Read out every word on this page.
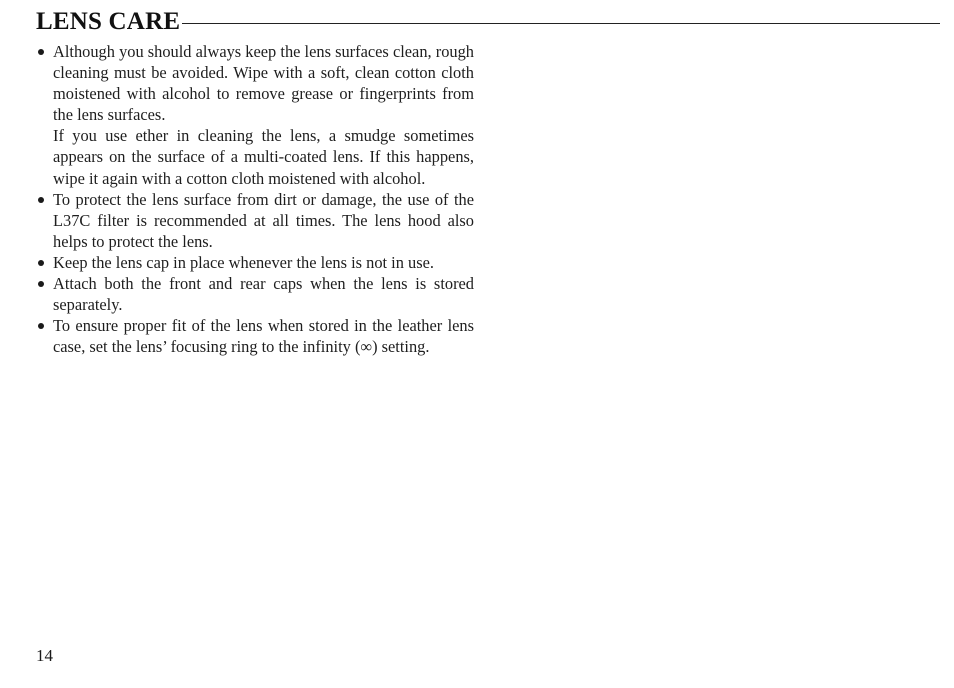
LENS CARE

Although you should always keep the lens surfaces clean, rough cleaning must be avoided. Wipe with a soft, clean cotton cloth moistened with alcohol to remove grease or fingerprints from the lens surfaces.

If you use ether in cleaning the lens, a smudge sometimes appears on the surface of a multi-coated lens. If this happens, wipe it again with a cotton cloth moistened with alcohol.

To protect the lens surface from dirt or damage, the use of the L37C filter is recommended at all times. The lens hood also helps to protect the lens.

Keep the lens cap in place whenever the lens is not in use.

Attach both the front and rear caps when the lens is stored separately.

To ensure proper fit of the lens when stored in the leather lens case, set the lens’ focusing ring to the infinity (∞) setting.

14
